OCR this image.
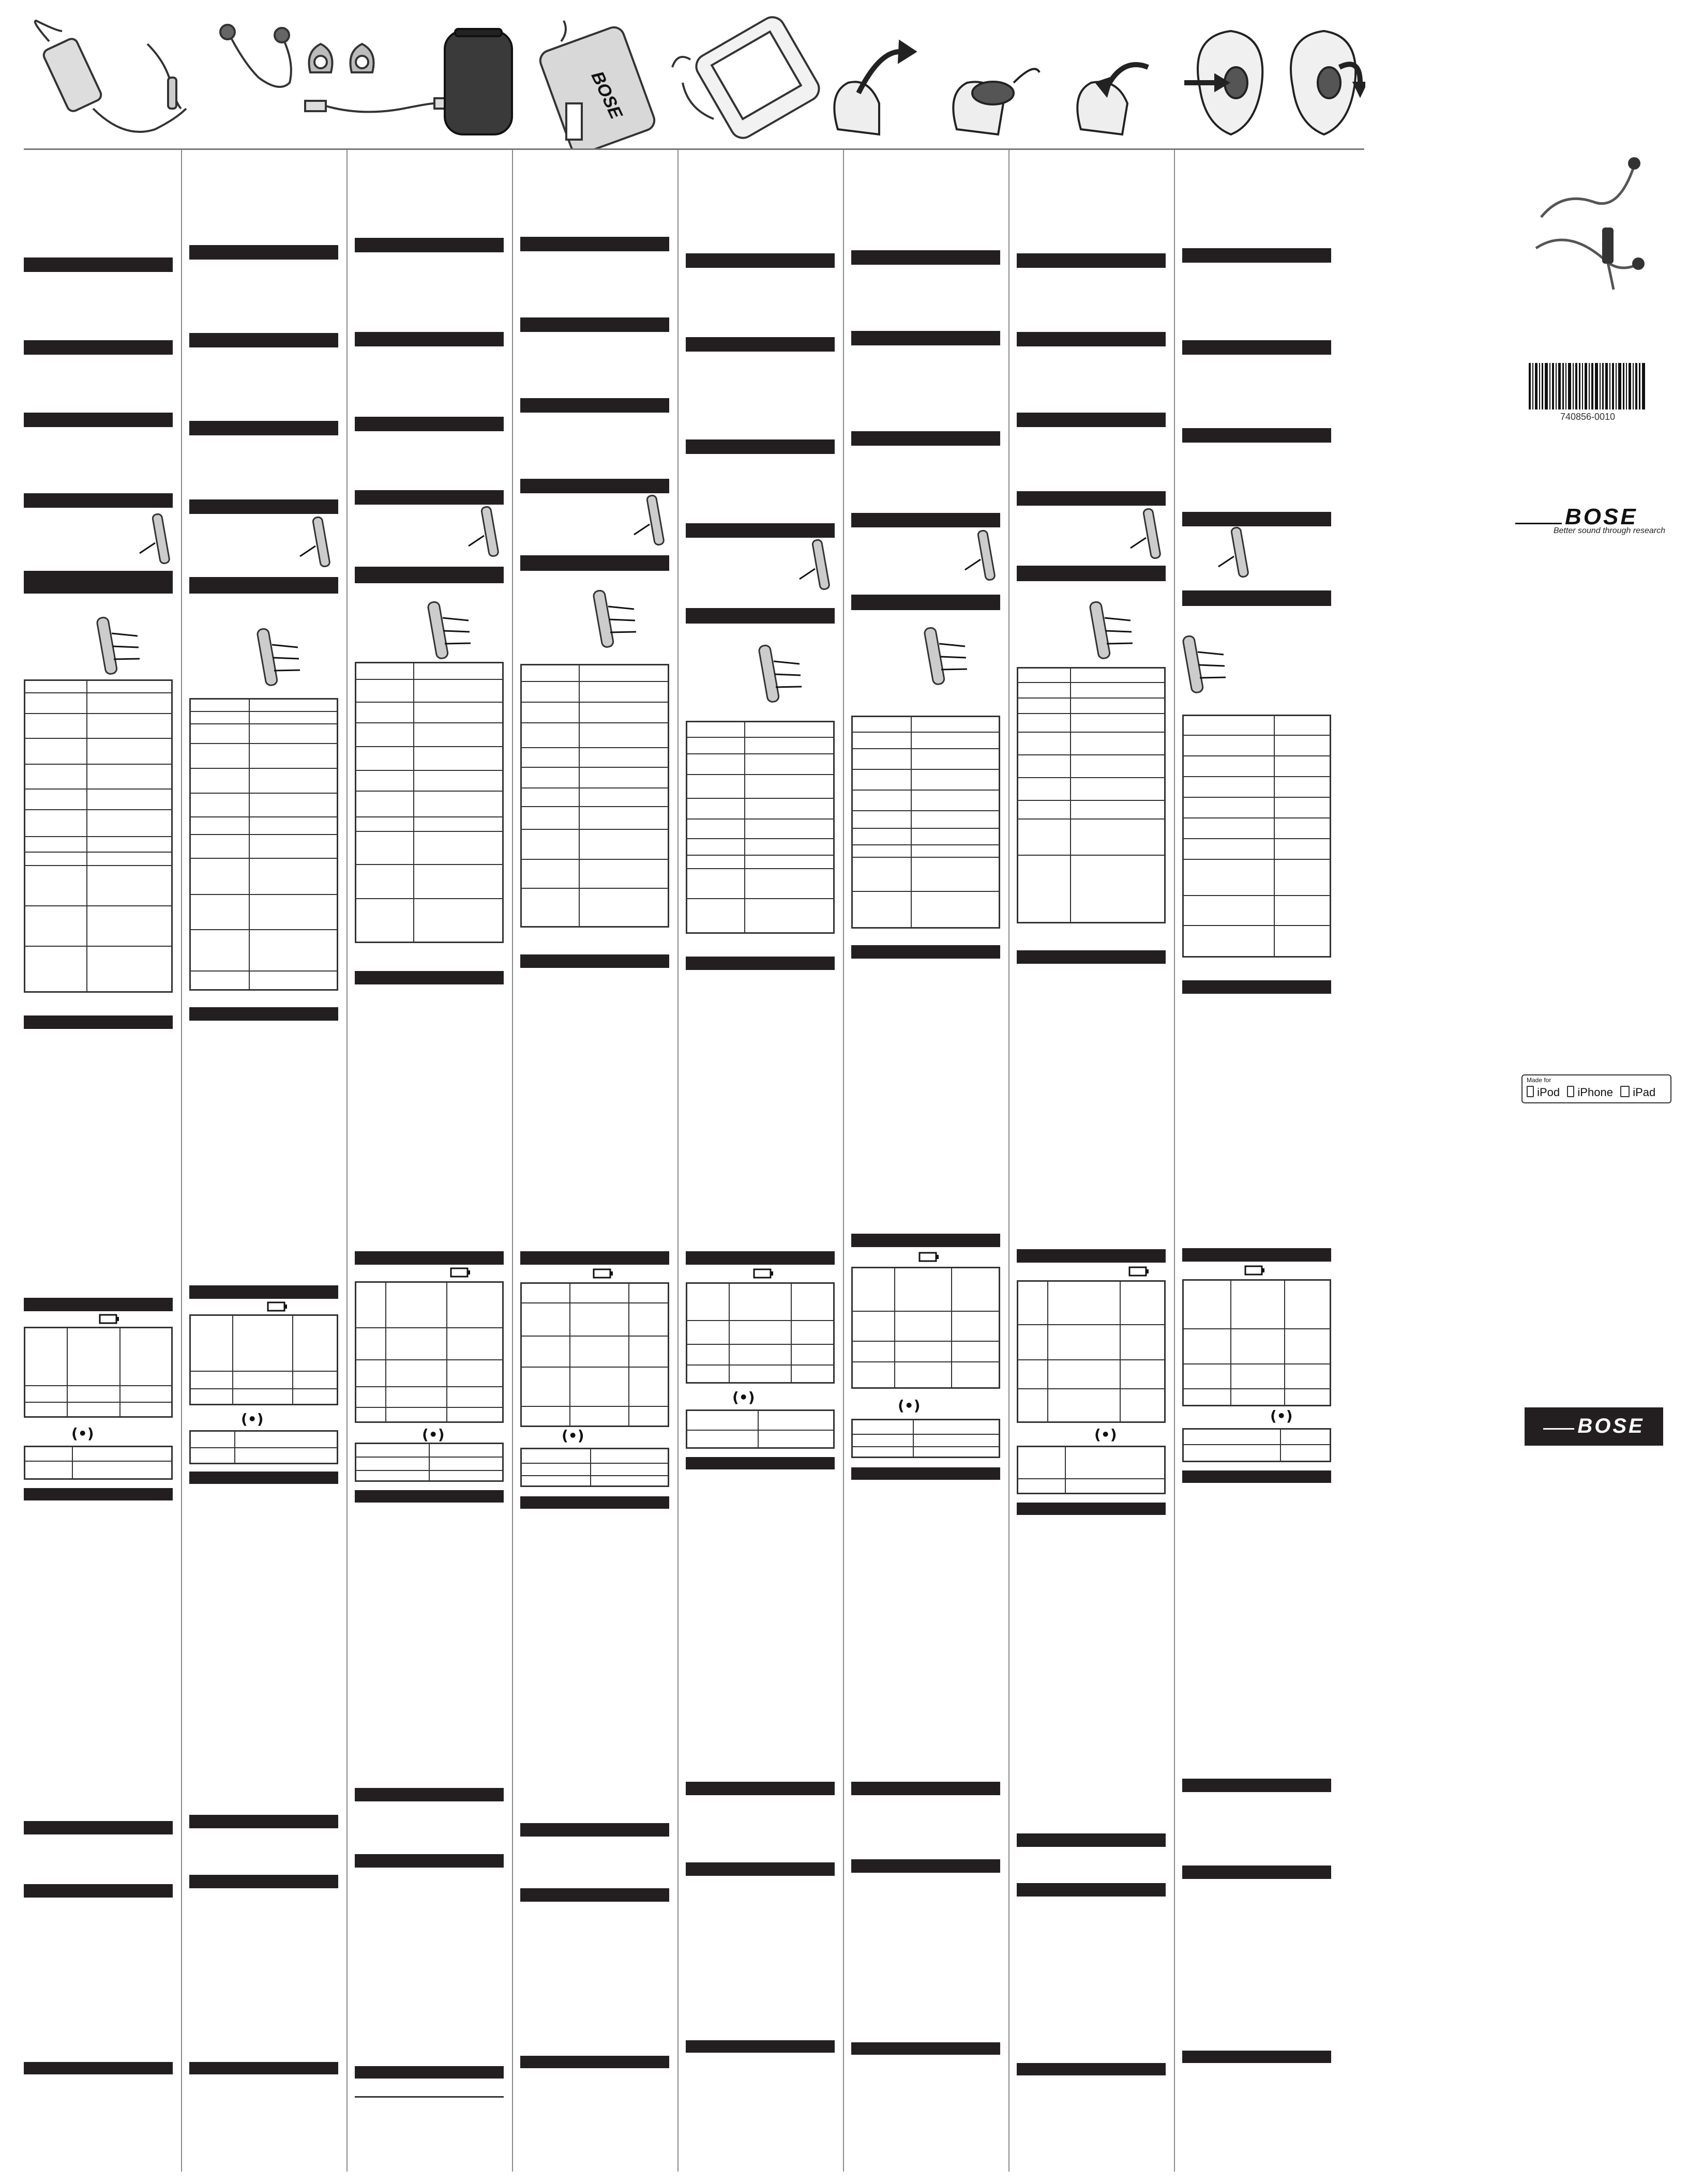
BOSE
(•)
(•)
(•)	(•)
(•)	(•)
(•)
(•)
740856-0010
BOSE
Better sound through research
Made for
iPod iPhone iPad
BOSE
